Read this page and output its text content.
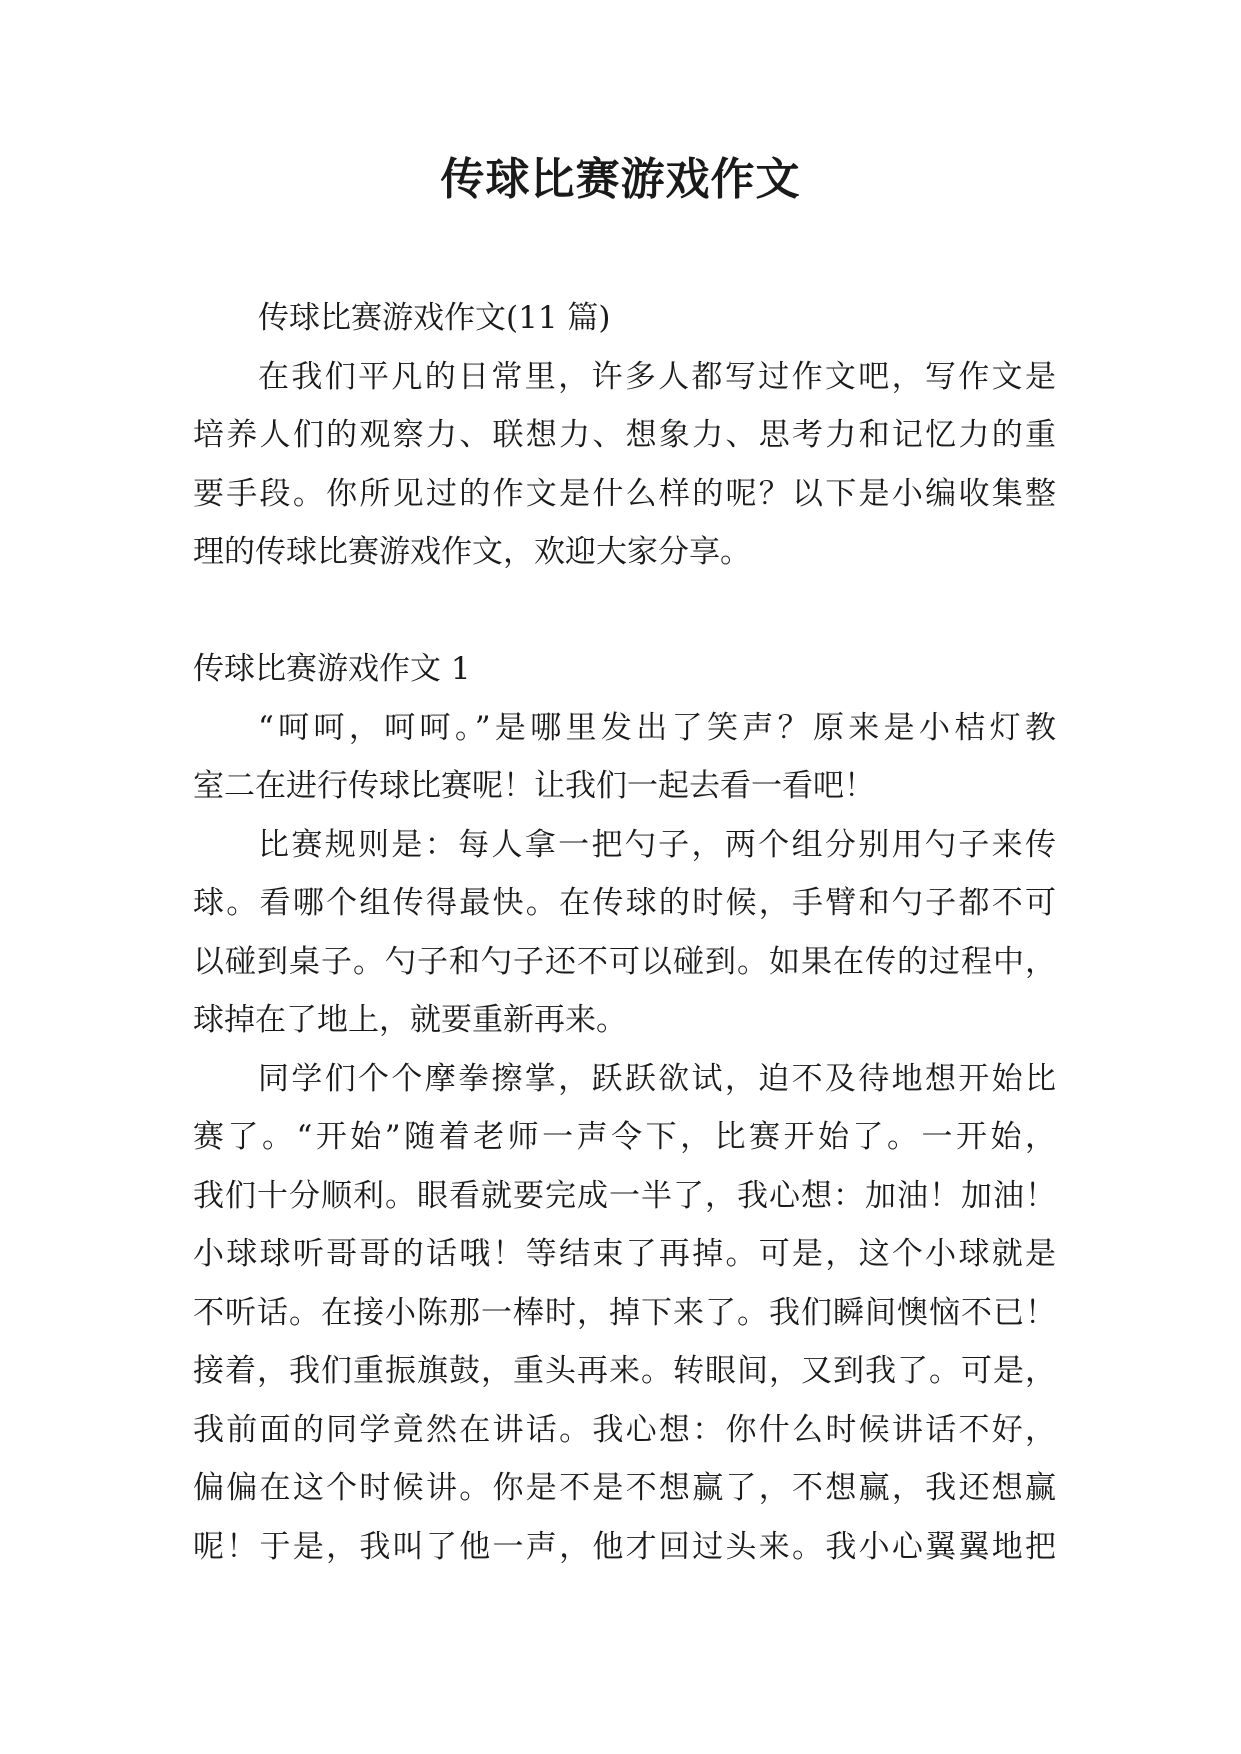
传球比赛游戏作文
传球比赛游戏作文(11 篇)
在我们平凡的日常里，许多人都写过作文吧，写作文是
培养人们的观察力、联想力、想象力、思考力和记忆力的重
要手段。你所见过的作文是什么样的呢？以下是小编收集整
理的传球比赛游戏作文，欢迎大家分享。
传球比赛游戏作文 1
“呵呵，呵呵。”是哪里发出了笑声？原来是小桔灯教
室二在进行传球比赛呢！让我们一起去看一看吧！
比赛规则是：每人拿一把勺子，两个组分别用勺子来传
球。看哪个组传得最快。在传球的时候，手臂和勺子都不可
以碰到桌子。勺子和勺子还不可以碰到。如果在传的过程中，
球掉在了地上，就要重新再来。
同学们个个摩拳擦掌，跃跃欲试，迫不及待地想开始比
赛了。“开始”随着老师一声令下，比赛开始了。一开始，
我们十分顺利。眼看就要完成一半了，我心想：加油！加油！
小球球听哥哥的话哦！等结束了再掉。可是，这个小球就是
不听话。在接小陈那一棒时，掉下来了。我们瞬间懊恼不已！
接着，我们重振旗鼓，重头再来。转眼间，又到我了。可是，
我前面的同学竟然在讲话。我心想：你什么时候讲话不好，
偏偏在这个时候讲。你是不是不想赢了，不想赢，我还想赢
呢！于是，我叫了他一声，他才回过头来。我小心翼翼地把
